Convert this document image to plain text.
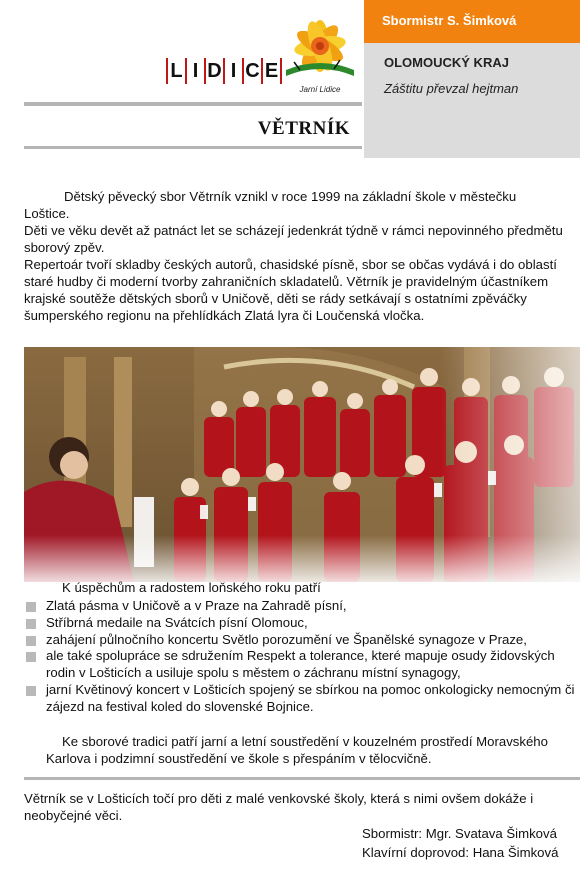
L I D I C E
Jarní Lidice
VĚTRNÍK
Sbormistr S. Šimková
OLOMOUCKÝ KRAJ
Záštitu převzal hejtman

Dětský pěvecký sbor Větrník vznikl v roce 1999 na základní škole v městečku Loštice.

Děti ve věku devět až patnáct let se scházejí jedenkrát týdně v rámci nepovinného předmětu sborový zpěv.

Repertoár tvoří skladby českých autorů, chasidské písně, sbor se občas vydává i do oblastí staré hudby či moderní tvorby zahraničních skladatelů. Větrník je pravidelným účastníkem krajské soutěže dětských sborů v Uničově, děti se rády setkávají s ostatními zpěváčky šumperského regionu na přehlídkách Zlatá lyra či Loučenská vločka.

K úspěchům a radostem loňského roku patří
Zlatá pásma v Uničově a v Praze na Zahradě písní,
Stříbrná medaile na Svátcích písní Olomouc,
zahájení půlnočního koncertu Světlo porozumění ve Španělské synagoze v Praze,
ale také spolupráce se sdružením Respekt a tolerance, které mapuje osudy židovských rodin v Lošticích a usiluje spolu s městem o záchranu místní synagogy,
jarní Květinový koncert v Lošticích spojený se sbírkou na pomoc onkologicky nemocným či zájezd na festival koled do slovenské Bojnice.

Ke sborové tradici patří jarní a letní soustředění v kouzelném prostředí Moravského Karlova i podzimní soustředění ve škole s přespáním v tělocvičně.

Větrník se v Lošticích točí pro děti z malé venkovské školy, která s nimi ovšem dokáže i neobyčejné věci.
Sbormistr: Mgr. Svatava Šimková
Klavírní doprovod: Hana Šimková
